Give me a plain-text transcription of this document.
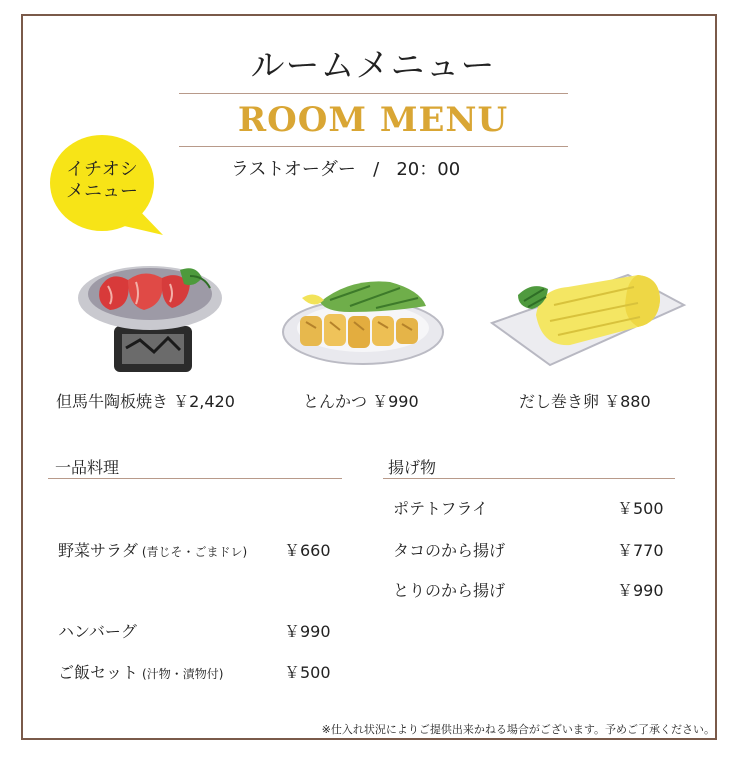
ルームメニュー
ROOM MENU
ラストオーダー / 20：00
イチオシ
メニュー
但馬牛陶板焼き ￥2,420	とんかつ ￥990	だし巻き卵 ￥880
一品料理
野菜サラダ (青じそ・ごまドレ) ￥660
ハンバーグ	￥990
ご飯セット (汁物・漬物付)	￥500
揚げ物
ポテトフライ	￥500
タコのから揚げ	￥770
とりのから揚げ	￥990
※仕入れ状況によりご提供出来かねる場合がございます。予めご了承ください。
